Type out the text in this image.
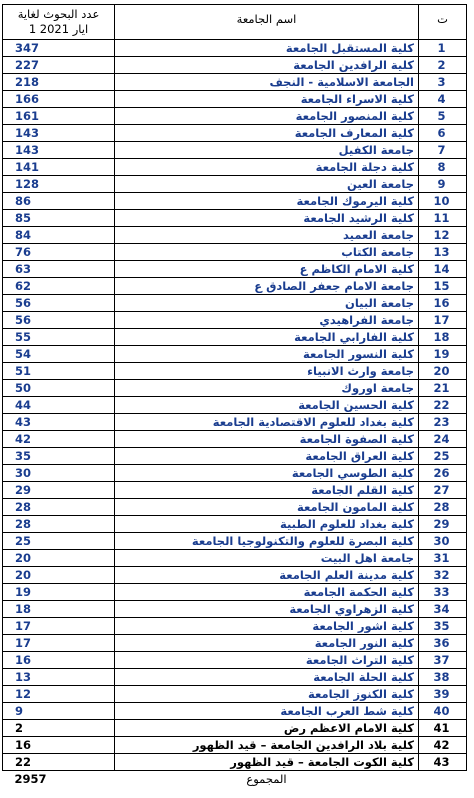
عدد البحوث لغاية
1 ايار 2021	اسم الجامعة	ت
347	كلية المستقبل الجامعة	1
227	كلية الرافدين الجامعة	2
218	الجامعة الاسلامية - النجف	3
166	كلية الاسراء الجامعة	4
161	كلية المنصور الجامعة	5
143	كلية المعارف الجامعة	6
143	جامعة الكفيل	7
141	كلية دجلة الجامعة	8
128	جامعة العين	9
86	كلية اليرموك الجامعة	10
85	كلية الرشيد الجامعة	11
84	جامعة العميد	12
76	جامعة الكتاب	13
63	كلية الامام الكاظم ع	14
62	جامعة الامام جعفر الصادق ع	15
56	جامعة البيان	16
56	جامعة الفراهيدي	17
55	كلية الفارابي الجامعة	18
54	كلية النسور الجامعة	19
51	جامعة وارث الانبياء	20
50	جامعة اوروك	21
44	كلية الحسين الجامعة	22
43	كلية بغداد للعلوم الاقتصادية الجامعة	23
42	كلية الصفوة الجامعة	24
35	كلية العراق الجامعة	25
30	كلية الطوسي الجامعة	26
29	كلية القلم الجامعة	27
28	كلية المامون الجامعة	28
28	كلية بغداد للعلوم الطبية	29
25	كلية البصرة للعلوم والتكنولوجيا الجامعة	30
20	جامعة اهل البيت	31
20	كلية مدينة العلم الجامعة	32
19	كلية الحكمة الجامعة	33
18	كلية الزهراوي الجامعة	34
17	كلية اشور الجامعة	35
17	كلية النور الجامعة	36
16	كلية التراث الجامعة	37
13	كلية الحلة الجامعة	38
12	كلية الكنوز الجامعة	39
9	كلية شط العرب الجامعة	40
2	كلية الامام الاعظم رض	41
16	كلية بلاد الرافدين الجامعة – قيد الظهور	42
22	كلية الكوت الجامعة – قيد الظهور	43
2957	المجموع	
